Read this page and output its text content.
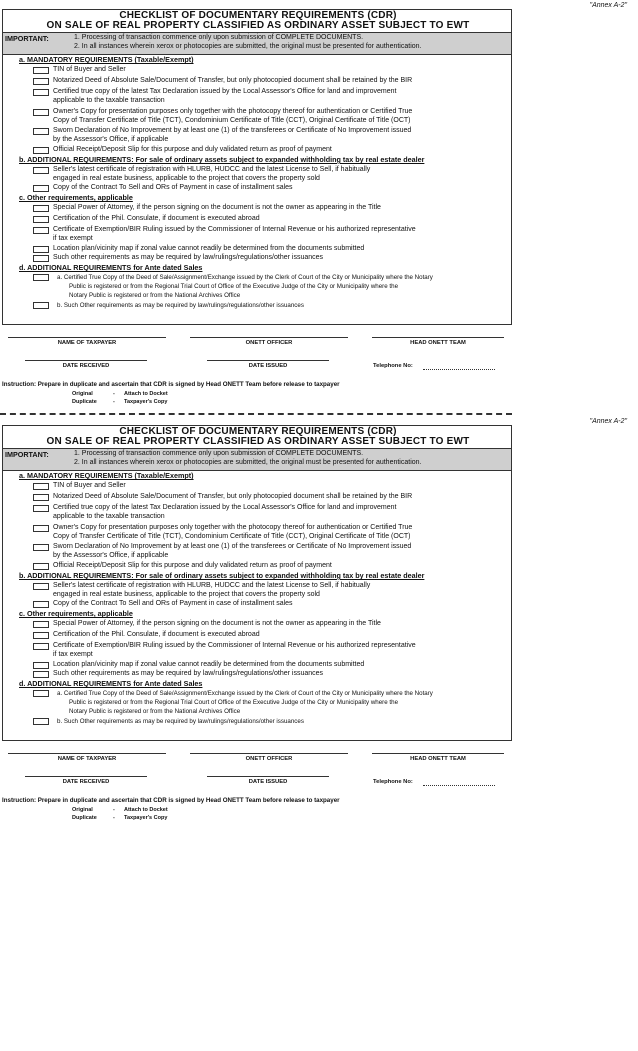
"Annex A-2"
CHECKLIST OF DOCUMENTARY REQUIREMENTS (CDR)
ON SALE OF REAL PROPERTY CLASSIFIED AS ORDINARY ASSET SUBJECT TO EWT
IMPORTANT:	1. Processing of transaction commence only upon submission of COMPLETE DOCUMENTS.
2. In all instances wherein xerox or photocopies are submitted, the original must be presented for authentication.
a. MANDATORY REQUIREMENTS (Taxable/Exempt)
TIN of Buyer and Seller
Notarized Deed of Absolute Sale/Document of Transfer, but only photocopied document shall be retained by the BIR
Certified true copy of the latest Tax Declaration issued by the Local Assessor's Office for land and improvement
applicable to the taxable transaction
Owner's Copy for presentation purposes only together with the photocopy thereof for authentication or Certified True
Copy of Transfer Certificate of Title (TCT), Condominium Certificate of Title (CCT), Original Certificate of Title (OCT)
Sworn Declaration of No Improvement by at least one (1) of the transferees or Certificate of No Improvement issued
by the Assessor's Office, if applicable
Official Receipt/Deposit Slip for this purpose and duly validated return as proof of payment
b. ADDITIONAL REQUIREMENTS: For sale of ordinary assets subject to expanded withholding tax by real estate dealer
Seller's latest certificate of registration with HLURB, HUDCC and the latest License to Sell, if habitually
engaged in real estate business, applicable to the project that covers the property sold
Copy of the Contract To Sell and ORs of Payment in case of installment sales
c. Other requirements, applicable
Special Power of Attorney, if the person signing on the document is not the owner as appearing in the Title
Certification of the Phil. Consulate, if document is executed abroad
Certificate of Exemption/BIR Ruling issued by the Commissioner of Internal Revenue or his authorized representative
if tax exempt
Location plan/vicinity map if zonal value cannot readily be determined from the documents submitted
Such other requirements as may be required by law/rulings/regulations/other issuances
d. ADDITIONAL REQUIREMENTS for Ante dated Sales
a. Certified True Copy of the Deed of Sale/Assignment/Exchange issued by the Clerk of Court of the City or Municipality where the Notary
Public is registered or from the Regional Trial Court of Office of the Executive Judge of the City or Municipality where the
Notary Public is registered or from the National Archives Office
b. Such Other requirements as may be required by law/rulings/regulations/other issuances
NAME OF TAXPAYER	ONETT OFFICER	HEAD ONETT TEAM
DATE RECEIVED	DATE ISSUED	Telephone No:
Instruction: Prepare in duplicate and ascertain that CDR is signed by Head ONETT Team before release to taxpayer
Original	- Attach to Docket
Duplicate	- Taxpayer's Copy
"Annex A-2"
CHECKLIST OF DOCUMENTARY REQUIREMENTS (CDR)
ON SALE OF REAL PROPERTY CLASSIFIED AS ORDINARY ASSET SUBJECT TO EWT
IMPORTANT:	1. Processing of transaction commence only upon submission of COMPLETE DOCUMENTS.
2. In all instances wherein xerox or photocopies are submitted, the original must be presented for authentication.
a. MANDATORY REQUIREMENTS (Taxable/Exempt)
TIN of Buyer and Seller
Notarized Deed of Absolute Sale/Document of Transfer, but only photocopied document shall be retained by the BIR
Certified true copy of the latest Tax Declaration issued by the Local Assessor's Office for land and improvement
applicable to the taxable transaction
Owner's Copy for presentation purposes only together with the photocopy thereof for authentication or Certified True
Copy of Transfer Certificate of Title (TCT), Condominium Certificate of Title (CCT), Original Certificate of Title (OCT)
Sworn Declaration of No Improvement by at least one (1) of the transferees or Certificate of No Improvement issued
by the Assessor's Office, if applicable
Official Receipt/Deposit Slip for this purpose and duly validated return as proof of payment
b. ADDITIONAL REQUIREMENTS: For sale of ordinary assets subject to expanded withholding tax by real estate dealer
Seller's latest certificate of registration with HLURB, HUDCC and the latest License to Sell, if habitually
engaged in real estate business, applicable to the project that covers the property sold
Copy of the Contract To Sell and ORs of Payment in case of installment sales
c. Other requirements, applicable
Special Power of Attorney, if the person signing on the document is not the owner as appearing in the Title
Certification of the Phil. Consulate, if document is executed abroad
Certificate of Exemption/BIR Ruling issued by the Commissioner of Internal Revenue or his authorized representative
if tax exempt
Location plan/vicinity map if zonal value cannot readily be determined from the documents submitted
Such other requirements as may be required by law/rulings/regulations/other issuances
d. ADDITIONAL REQUIREMENTS for Ante dated Sales
a. Certified True Copy of the Deed of Sale/Assignment/Exchange issued by the Clerk of Court of the City or Municipality where the Notary
Public is registered or from the Regional Trial Court of Office of the Executive Judge of the City or Municipality where the
Notary Public is registered or from the National Archives Office
b. Such Other requirements as may be required by law/rulings/regulations/other issuances
NAME OF TAXPAYER	ONETT OFFICER	HEAD ONETT TEAM
DATE RECEIVED	DATE ISSUED	Telephone No:
Instruction: Prepare in duplicate and ascertain that CDR is signed by Head ONETT Team before release to taxpayer
Original	- Attach to Docket
Duplicate	- Taxpayer's Copy
